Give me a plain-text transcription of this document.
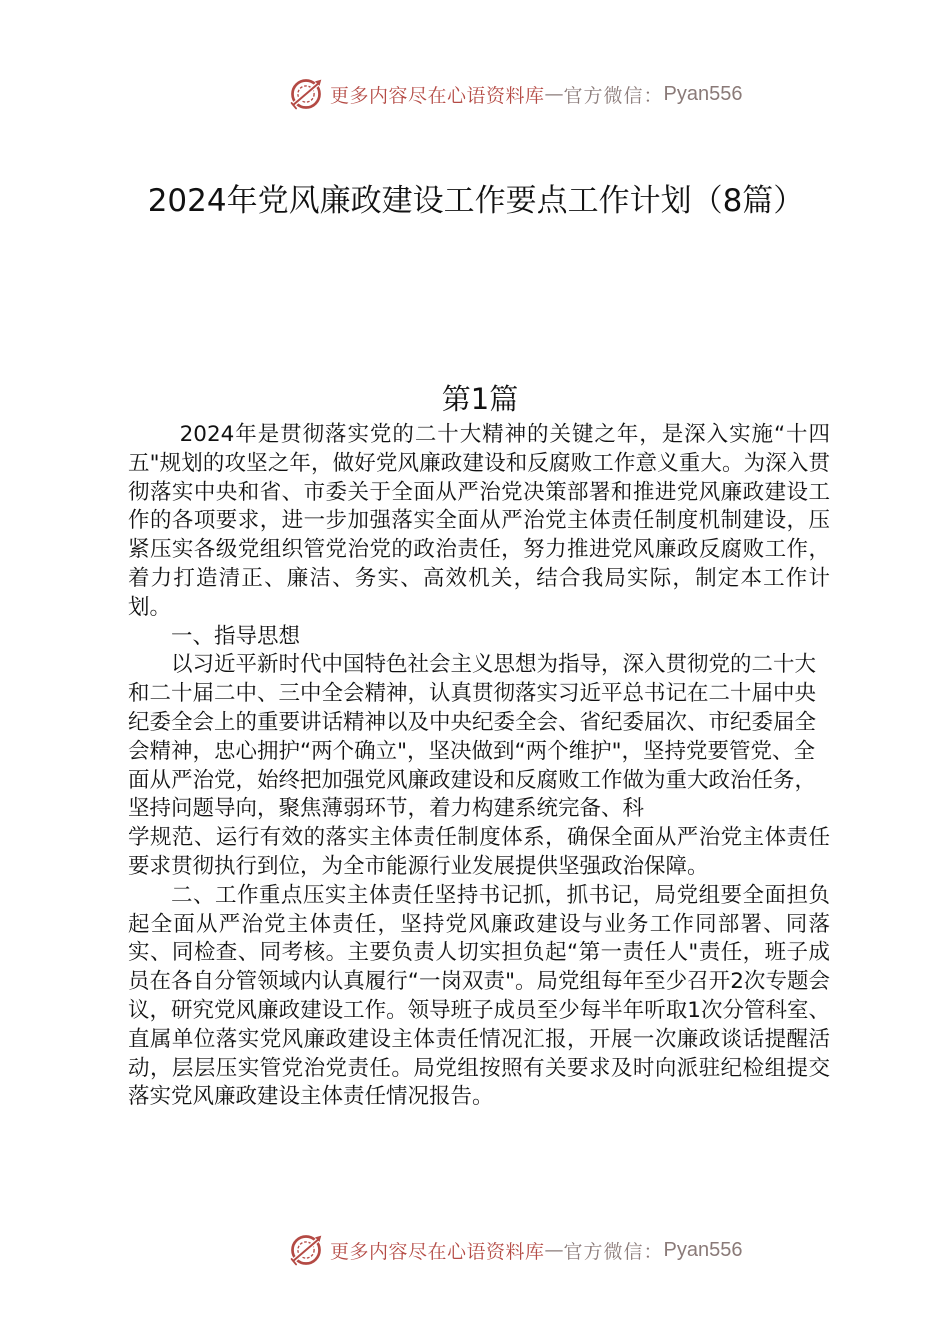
更多内容尽在心语资料库 — 官方微信： Pyan556
2024年党风廉政建设工作要点工作计划（8篇）
第1篇

2024年是贯彻落实党的二十大精神的关键之年，是深入实施“十四五"规划的攻坚之年，做好党风廉政建设和反腐败工作意义重大。为深入贯彻落实中央和省、市委关于全面从严治党决策部署和推进党风廉政建设工作的各项要求，进一步加强落实全面从严治党主体责任制度机制建设，压紧压实各级党组织管党治党的政治责任，努力推进党风廉政反腐败工作，着力打造清正、廉洁、务实、高效机关，结合我局实际，制定本工作计划。

一、指导思想

以习近平新时代中国特色社会主义思想为指导，深入贯彻党的二十大和二十届二中、三中全会精神，认真贯彻落实习近平总书记在二十届中央纪委全会上的重要讲话精神以及中央纪委全会、省纪委届次、市纪委届全会精神，忠心拥护“两个确立"，坚决做到“两个维护"，坚持党要管党、全面从严治党，始终把加强党风廉政建设和反腐败工作做为重大政治任务，坚持问题导向，聚焦薄弱环节，着力构建系统完备、科

学规范、运行有效的落实主体责任制度体系，确保全面从严治党主体责任要求贯彻执行到位，为全市能源行业发展提供坚强政治保障。

二、工作重点压实主体责任坚持书记抓，抓书记，局党组要全面担负起全面从严治党主体责任，坚持党风廉政建设与业务工作同部署、同落实、同检查、同考核。主要负责人切实担负起“第一责任人"责任，班子成员在各自分管领域内认真履行“一岗双责"。局党组每年至少召开2次专题会议，研究党风廉政建设工作。领导班子成员至少每半年听取1次分管科室、直属单位落实党风廉政建设主体责任情况汇报，开展一次廉政谈话提醒活动，层层压实管党治党责任。局党组按照有关要求及时向派驻纪检组提交落实党风廉政建设主体责任情况报告。

更多内容尽在心语资料库 — 官方微信： Pyan556
